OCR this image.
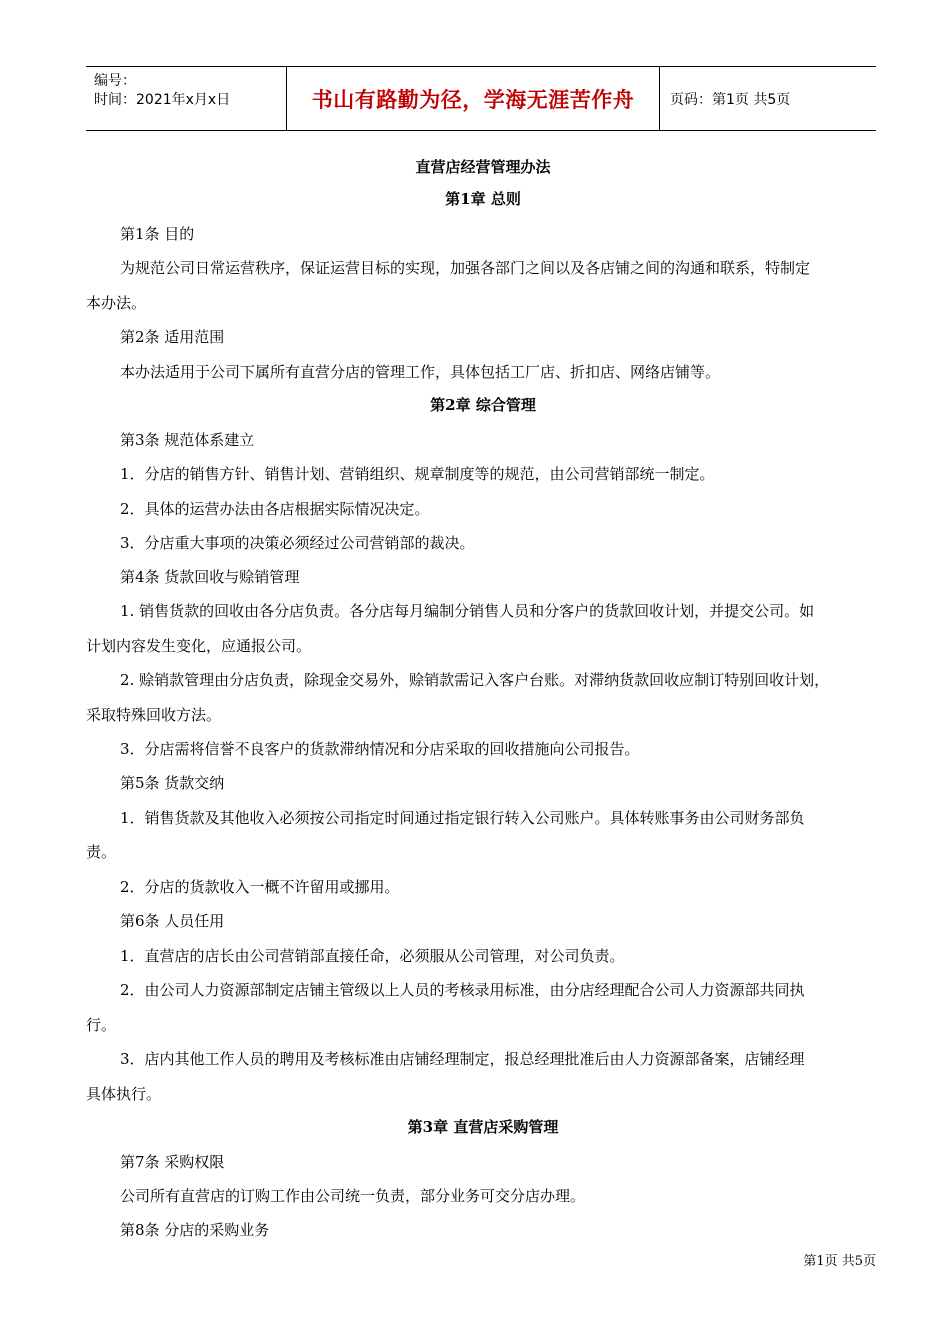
编号：
时间：2021年x月x日	书山有路勤为径，学海无涯苦作舟	页码：第1页 共5页
直营店经营管理办法
第1章 总则
第1条 目的
为规范公司日常运营秩序，保证运营目标的实现，加强各部门之间以及各店铺之间的沟通和联系，特制定
本办法。
第2条 适用范围
本办法适用于公司下属所有直营分店的管理工作，具体包括工厂店、折扣店、网络店铺等。
第2章 综合管理
第3条 规范体系建立
1．分店的销售方针、销售计划、营销组织、规章制度等的规范，由公司营销部统一制定。
2．具体的运营办法由各店根据实际情况决定。
3．分店重大事项的决策必须经过公司营销部的裁决。
第4条 货款回收与赊销管理
1. 销售货款的回收由各分店负责。各分店每月编制分销售人员和分客户的货款回收计划，并提交公司。如
计划内容发生变化，应通报公司。
2. 赊销款管理由分店负责，除现金交易外，赊销款需记入客户台账。对滞纳货款回收应制订特别回收计划，
采取特殊回收方法。
3．分店需将信誉不良客户的货款滞纳情况和分店采取的回收措施向公司报告。
第5条 货款交纳
1．销售货款及其他收入必须按公司指定时间通过指定银行转入公司账户。具体转账事务由公司财务部负
责。
2．分店的货款收入一概不许留用或挪用。
第6条 人员任用
1．直营店的店长由公司营销部直接任命，必须服从公司管理，对公司负责。
2．由公司人力资源部制定店铺主管级以上人员的考核录用标准，由分店经理配合公司人力资源部共同执
行。
3．店内其他工作人员的聘用及考核标准由店铺经理制定，报总经理批准后由人力资源部备案，店铺经理
具体执行。
第3章 直营店采购管理
第7条 采购权限
公司所有直营店的订购工作由公司统一负责，部分业务可交分店办理。
第8条 分店的采购业务
第1页 共5页
